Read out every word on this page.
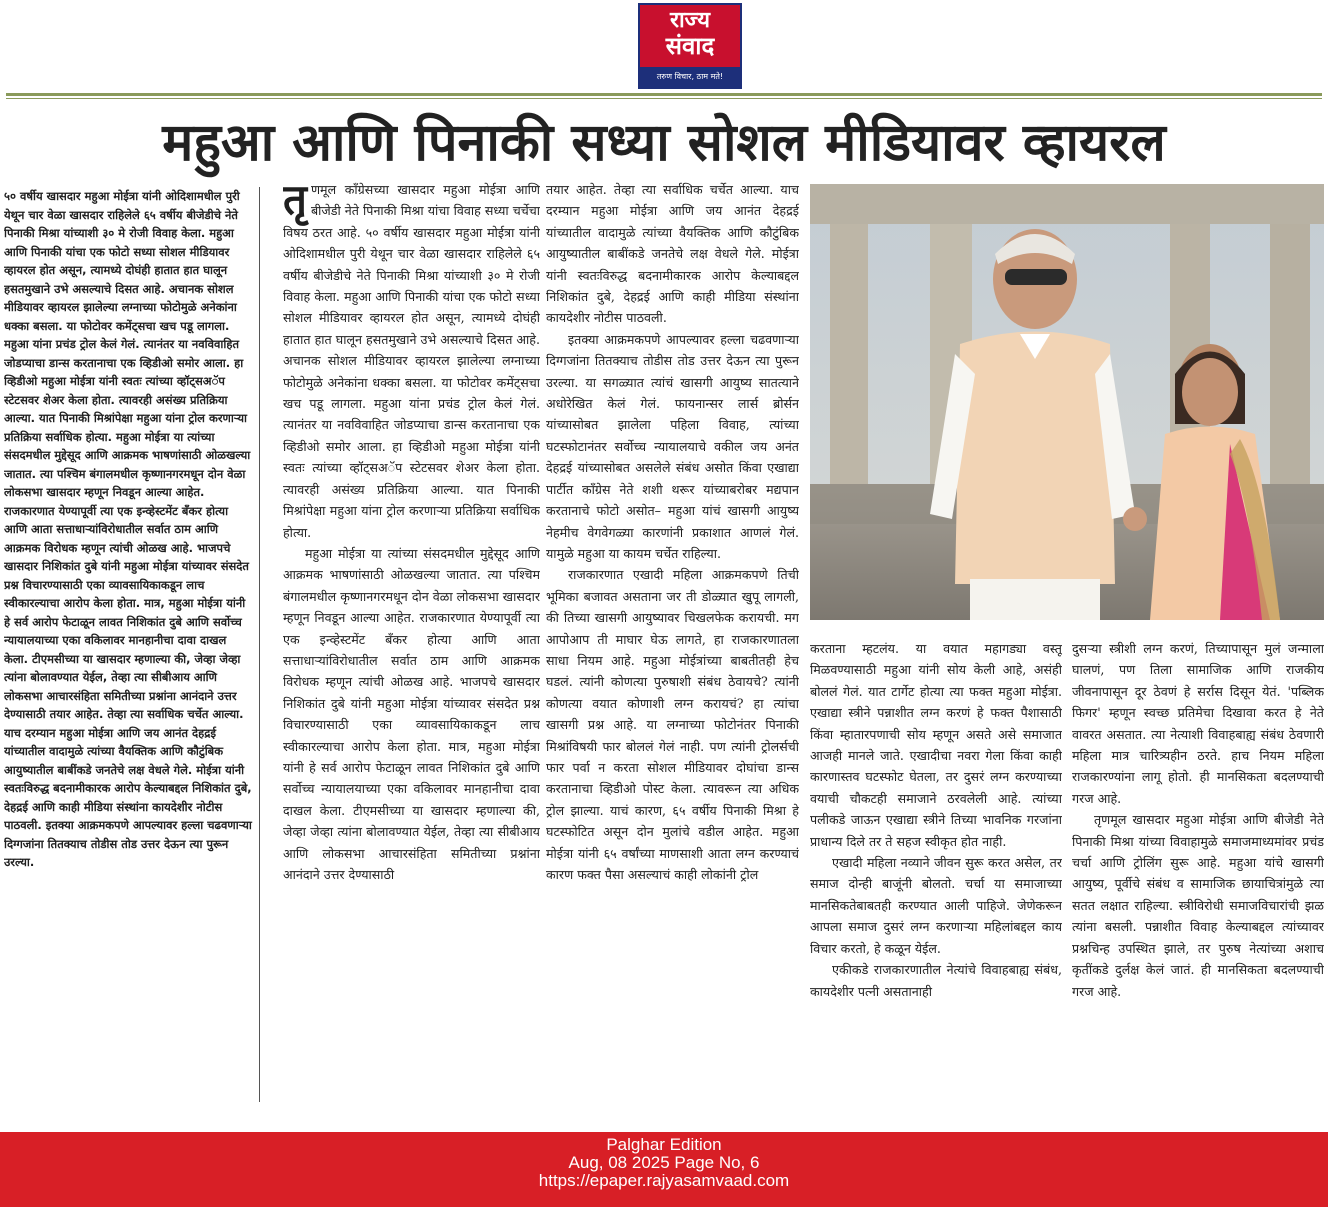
राज्य
संवाद
तरुण विचार, ठाम मते!
महुआ आणि पिनाकी सध्या सोशल मीडियावर व्हायरल

५० वर्षीय खासदार महुआ मोईत्रा यांनी ओदिशामधील पुरी येथून चार वेळा खासदार राहिलेले ६५ वर्षीय बीजेडीचे नेते पिनाकी मिश्रा यांच्याशी ३० मे रोजी विवाह केला. महुआ आणि पिनाकी यांचा एक फोटो सध्या सोशल मीडियावर व्हायरल होत असून, त्यामध्ये दोघंही हातात हात घालून हसतमुखाने उभे असल्याचे दिसत आहे. अचानक सोशल मीडियावर व्हायरल झालेल्या लग्नाच्या फोटोमुळे अनेकांना धक्का बसला. या फोटोवर कमेंट्सचा खच पडू लागला. महुआ यांना प्रचंड ट्रोल केलं गेलं. त्यानंतर या नवविवाहित जोडप्याचा डान्स करतानाचा एक व्हिडीओ समोर आला. हा व्हिडीओ महुआ मोईत्रा यांनी स्वतः त्यांच्या व्हॉट्सअॅप स्टेटसवर शेअर केला होता. त्यावरही असंख्य प्रतिक्रिया आल्या. यात पिनाकी मिश्रांपेक्षा महुआ यांना ट्रोल करणाऱ्या प्रतिक्रिया सर्वाधिक होत्या. महुआ मोईत्रा या त्यांच्या संसदमधील मुद्देसूद आणि आक्रमक भाषणांसाठी ओळखल्या जातात. त्या पश्चिम बंगालमधील कृष्णानगरमधून दोन वेळा लोकसभा खासदार म्हणून निवडून आल्या आहेत. राजकारणात येण्यापूर्वी त्या एक इन्व्हेस्टमेंट बँकर होत्या आणि आता सत्ताधाऱ्यांविरोधातील सर्वात ठाम आणि आक्रमक विरोधक म्हणून त्यांची ओळख आहे. भाजपचे खासदार निशिकांत दुबे यांनी महुआ मोईत्रा यांच्यावर संसदेत प्रश्न विचारण्यासाठी एका व्यावसायिकाकडून लाच स्वीकारल्याचा आरोप केला होता. मात्र, महुआ मोईत्रा यांनी हे सर्व आरोप फेटाळून लावत निशिकांत दुबे आणि सर्वोच्च न्यायालयाच्या एका वकिलावर मानहानीचा दावा दाखल केला. टीएमसीच्या या खासदार म्हणाल्या की, जेव्हा जेव्हा त्यांना बोलावण्यात येईल, तेव्हा त्या सीबीआय आणि लोकसभा आचारसंहिता समितीच्या प्रश्नांना आनंदाने उत्तर देण्यासाठी तयार आहेत. तेव्हा त्या सर्वाधिक चर्चेत आल्या. याच दरम्यान महुआ मोईत्रा आणि जय आनंत देहद्रई यांच्यातील वादामुळे त्यांच्या वैयक्तिक आणि कौटुंबिक आयुष्यातील बाबींकडे जनतेचे लक्ष वेधले गेले. मोईत्रा यांनी स्वतःविरुद्ध बदनामीकारक आरोप केल्याबद्दल निशिकांत दुबे, देहद्रई आणि काही मीडिया संस्थांना कायदेशीर नोटीस पाठवली. इतक्या आक्रमकपणे आपल्यावर हल्ला चढवणाऱ्या दिग्गजांना तितक्याच तोडीस तोड उत्तर देऊन त्या पुरून उरल्या.

तृणमूल काँग्रेसच्या खासदार महुआ मोईत्रा आणि बीजेडी नेते पिनाकी मिश्रा यांचा विवाह सध्या चर्चेचा विषय ठरत आहे. ५० वर्षीय खासदार महुआ मोईत्रा यांनी ओदिशामधील पुरी येथून चार वेळा खासदार राहिलेले ६५ वर्षीय बीजेडीचे नेते पिनाकी मिश्रा यांच्याशी ३० मे रोजी विवाह केला. महुआ आणि पिनाकी यांचा एक फोटो सध्या सोशल मीडियावर व्हायरल होत असून, त्यामध्ये दोघंही हातात हात घालून हसतमुखाने उभे असल्याचे दिसत आहे. अचानक सोशल मीडियावर व्हायरल झालेल्या लग्नाच्या फोटोमुळे अनेकांना धक्का बसला. या फोटोवर कमेंट्सचा खच पडू लागला. महुआ यांना प्रचंड ट्रोल केलं गेलं. त्यानंतर या नवविवाहित जोडप्याचा डान्स करतानाचा एक व्हिडीओ समोर आला. हा व्हिडीओ महुआ मोईत्रा यांनी स्वतः त्यांच्या व्हॉट्सअॅप स्टेटसवर शेअर केला होता. त्यावरही असंख्य प्रतिक्रिया आल्या. यात पिनाकी मिश्रांपेक्षा महुआ यांना ट्रोल करणाऱ्या प्रतिक्रिया सर्वाधिक होत्या.

महुआ मोईत्रा या त्यांच्या संसदमधील मुद्देसूद आणि आक्रमक भाषणांसाठी ओळखल्या जातात. त्या पश्चिम बंगालमधील कृष्णानगरमधून दोन वेळा लोकसभा खासदार म्हणून निवडून आल्या आहेत. राजकारणात येण्यापूर्वी त्या एक इन्व्हेस्टमेंट बँकर होत्या आणि आता सत्ताधाऱ्यांविरोधातील सर्वात ठाम आणि आक्रमक विरोधक म्हणून त्यांची ओळख आहे. भाजपचे खासदार निशिकांत दुबे यांनी महुआ मोईत्रा यांच्यावर संसदेत प्रश्न विचारण्यासाठी एका व्यावसायिकाकडून लाच स्वीकारल्याचा आरोप केला होता. मात्र, महुआ मोईत्रा यांनी हे सर्व आरोप फेटाळून लावत निशिकांत दुबे आणि सर्वोच्च न्यायालयाच्या एका वकिलावर मानहानीचा दावा दाखल केला. टीएमसीच्या या खासदार म्हणाल्या की, जेव्हा जेव्हा त्यांना बोलावण्यात येईल, तेव्हा त्या सीबीआय आणि लोकसभा आचारसंहिता समितीच्या प्रश्नांना आनंदाने उत्तर देण्यासाठी

तयार आहेत. तेव्हा त्या सर्वाधिक चर्चेत आल्या. याच दरम्यान महुआ मोईत्रा आणि जय आनंत देहद्रई यांच्यातील वादामुळे त्यांच्या वैयक्तिक आणि कौटुंबिक आयुष्यातील बाबींकडे जनतेचे लक्ष वेधले गेले. मोईत्रा यांनी स्वतःविरुद्ध बदनामीकारक आरोप केल्याबद्दल निशिकांत दुबे, देहद्रई आणि काही मीडिया संस्थांना कायदेशीर नोटीस पाठवली.

इतक्या आक्रमकपणे आपल्यावर हल्ला चढवणाऱ्या दिग्गजांना तितक्याच तोडीस तोड उत्तर देऊन त्या पुरून उरल्या. या सगळ्यात त्यांचं खासगी आयुष्य सातत्याने अधोरेखित केलं गेलं. फायनान्सर लार्स ब्रोर्सन यांच्यासोबत झालेला पहिला विवाह, त्यांच्या घटस्फोटानंतर सर्वोच्च न्यायालयाचे वकील जय अनंत देहद्रई यांच्यासोबत असलेले संबंध असोत किंवा एखाद्या पार्टीत काँग्रेस नेते शशी थरूर यांच्याबरोबर मद्यपान करतानाचे फोटो असोत– महुआ यांचं खासगी आयुष्य नेहमीच वेगवेगळ्या कारणांनी प्रकाशात आणलं गेलं. यामुळे महुआ या कायम चर्चेत राहिल्या.

राजकारणात एखादी महिला आक्रमकपणे तिची भूमिका बजावत असताना जर ती डोळ्यात खुपू लागली, की तिच्या खासगी आयुष्यावर चिखलफेक करायची. मग आपोआप ती माघार घेऊ लागते, हा राजकारणातला साधा नियम आहे. महुआ मोईत्रांच्या बाबतीतही हेच घडलं. त्यांनी कोणत्या पुरुषाशी संबंध ठेवायचे? त्यांनी कोणत्या वयात कोणाशी लग्न करायचं? हा त्यांचा खासगी प्रश्न आहे. या लग्नाच्या फोटोनंतर पिनाकी मिश्रांविषयी फार बोललं गेलं नाही. पण त्यांनी ट्रोलर्सची फार पर्वा न करता सोशल मीडियावर दोघांचा डान्स करतानाचा व्हिडीओ पोस्ट केला. त्यावरून त्या अधिक ट्रोल झाल्या. याचं कारण, ६५ वर्षीय पिनाकी मिश्रा हे घटस्फोटित असून दोन मुलांचे वडील आहेत. महुआ मोईत्रा यांनी ६५ वर्षांच्या माणसाशी आता लग्न करण्याचं कारण फक्त पैसा असल्याचं काही लोकांनी ट्रोल

करताना म्हटलंय. या वयात महागड्या वस्तू मिळवण्यासाठी महुआ यांनी सोय केली आहे, असंही बोललं गेलं. यात टार्गेट होत्या त्या फक्त महुआ मोईत्रा. एखाद्या स्त्रीने पन्नाशीत लग्न करणं हे फक्त पैशासाठी किंवा म्हातारपणाची सोय म्हणून असते असे समाजात आजही मानले जाते. एखादीचा नवरा गेला किंवा काही कारणास्तव घटस्फोट घेतला, तर दुसरं लग्न करण्याच्या वयाची चौकटही समाजाने ठरवलेली आहे. त्यांच्या पलीकडे जाऊन एखाद्या स्त्रीने तिच्या भावनिक गरजांना प्राधान्य दिले तर ते सहज स्वीकृत होत नाही.

एखादी महिला नव्याने जीवन सुरू करत असेल, तर समाज दोन्ही बाजूंनी बोलतो. चर्चा या समाजाच्या मानसिकतेबाबतही करण्यात आली पाहिजे. जेणेकरून आपला समाज दुसरं लग्न करणाऱ्या महिलांबद्दल काय विचार करतो, हे कळून येईल.

एकीकडे राजकारणातील नेत्यांचे विवाहबाह्य संबंध, कायदेशीर पत्नी असतानाही

दुसऱ्या स्त्रीशी लग्न करणं, तिच्यापासून मुलं जन्माला घालणं, पण तिला सामाजिक आणि राजकीय जीवनापासून दूर ठेवणं हे सर्रास दिसून येतं. 'पब्लिक फिगर' म्हणून स्वच्छ प्रतिमेचा दिखावा करत हे नेते वावरत असतात. त्या नेत्याशी विवाहबाह्य संबंध ठेवणारी महिला मात्र चारित्र्यहीन ठरते. हाच नियम महिला राजकारण्यांना लागू होतो. ही मानसिकता बदलण्याची गरज आहे.

तृणमूल खासदार महुआ मोईत्रा आणि बीजेडी नेते पिनाकी मिश्रा यांच्या विवाहामुळे समाजमाध्यमांवर प्रचंड चर्चा आणि ट्रोलिंग सुरू आहे. महुआ यांचे खासगी आयुष्य, पूर्वीचे संबंध व सामाजिक छायाचित्रांमुळे त्या सतत लक्षात राहिल्या. स्त्रीविरोधी समाजविचारांची झळ त्यांना बसली. पन्नाशीत विवाह केल्याबद्दल त्यांच्यावर प्रश्नचिन्ह उपस्थित झाले, तर पुरुष नेत्यांच्या अशाच कृतींकडे दुर्लक्ष केलं जातं. ही मानसिकता बदलण्याची गरज आहे.

Palghar Edition
Aug, 08 2025 Page No, 6
https://epaper.rajyasamvaad.com
